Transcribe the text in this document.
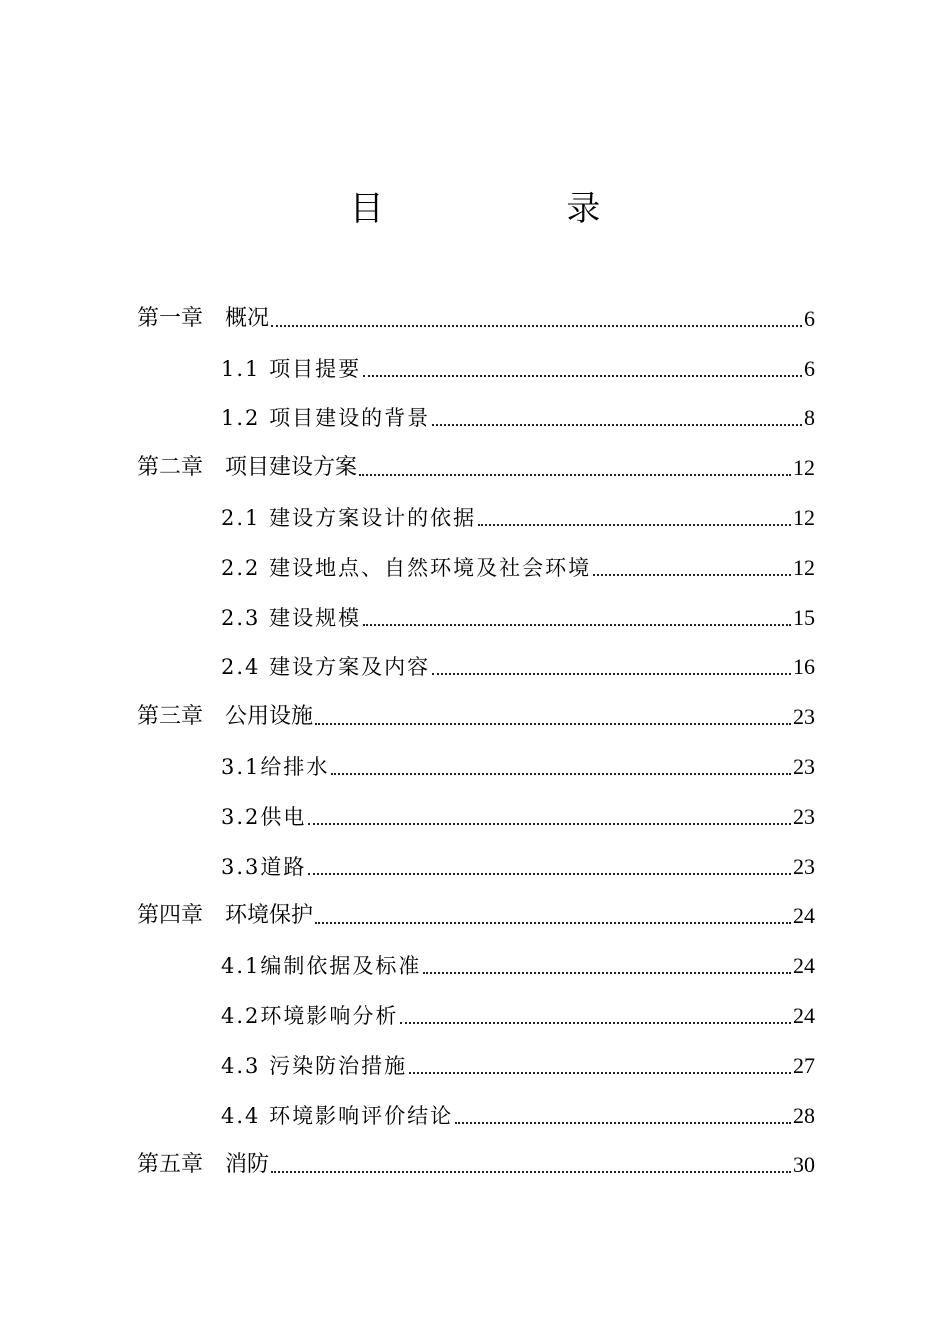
目 录
第一章　概况	6
1.1 项目提要	6
1.2 项目建设的背景	8
第二章　项目建设方案	12
2.1 建设方案设计的依据	12
2.2 建设地点、自然环境及社会环境	12
2.3 建设规模	15
2.4 建设方案及内容	16
第三章　公用设施	23
3.1给排水	23
3.2供电	23
3.3道路	23
第四章　环境保护	24
4.1编制依据及标准	24
4.2环境影响分析	24
4.3 污染防治措施	27
4.4 环境影响评价结论	28
第五章　消防	30
